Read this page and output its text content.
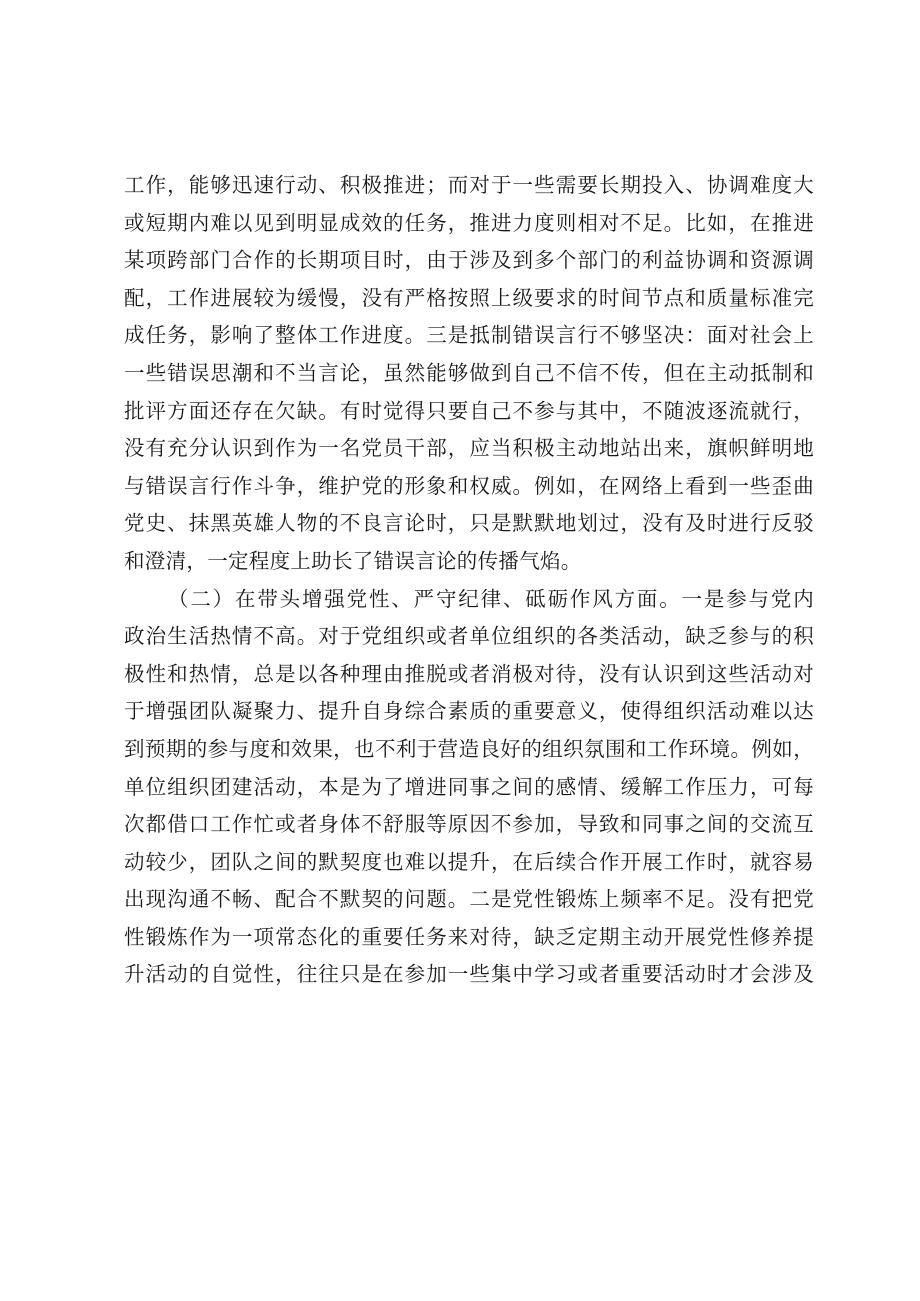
工作，能够迅速行动、积极推进；而对于一些需要长期投入、协调难度大
或短期内难以见到明显成效的任务，推进力度则相对不足。比如，在推进
某项跨部门合作的长期项目时，由于涉及到多个部门的利益协调和资源调
配，工作进展较为缓慢，没有严格按照上级要求的时间节点和质量标准完
成任务，影响了整体工作进度。三是抵制错误言行不够坚决：面对社会上
一些错误思潮和不当言论，虽然能够做到自己不信不传，但在主动抵制和
批评方面还存在欠缺。有时觉得只要自己不参与其中，不随波逐流就行，
没有充分认识到作为一名党员干部，应当积极主动地站出来，旗帜鲜明地
与错误言行作斗争，维护党的形象和权威。例如，在网络上看到一些歪曲
党史、抹黑英雄人物的不良言论时，只是默默地划过，没有及时进行反驳
和澄清，一定程度上助长了错误言论的传播气焰。
（二）在带头增强党性、严守纪律、砥砺作风方面。一是参与党内
政治生活热情不高。对于党组织或者单位组织的各类活动，缺乏参与的积
极性和热情，总是以各种理由推脱或者消极对待，没有认识到这些活动对
于增强团队凝聚力、提升自身综合素质的重要意义，使得组织活动难以达
到预期的参与度和效果，也不利于营造良好的组织氛围和工作环境。例如，
单位组织团建活动，本是为了增进同事之间的感情、缓解工作压力，可每
次都借口工作忙或者身体不舒服等原因不参加，导致和同事之间的交流互
动较少，团队之间的默契度也难以提升，在后续合作开展工作时，就容易
出现沟通不畅、配合不默契的问题。二是党性锻炼上频率不足。没有把党
性锻炼作为一项常态化的重要任务来对待，缺乏定期主动开展党性修养提
升活动的自觉性，往往只是在参加一些集中学习或者重要活动时才会涉及
